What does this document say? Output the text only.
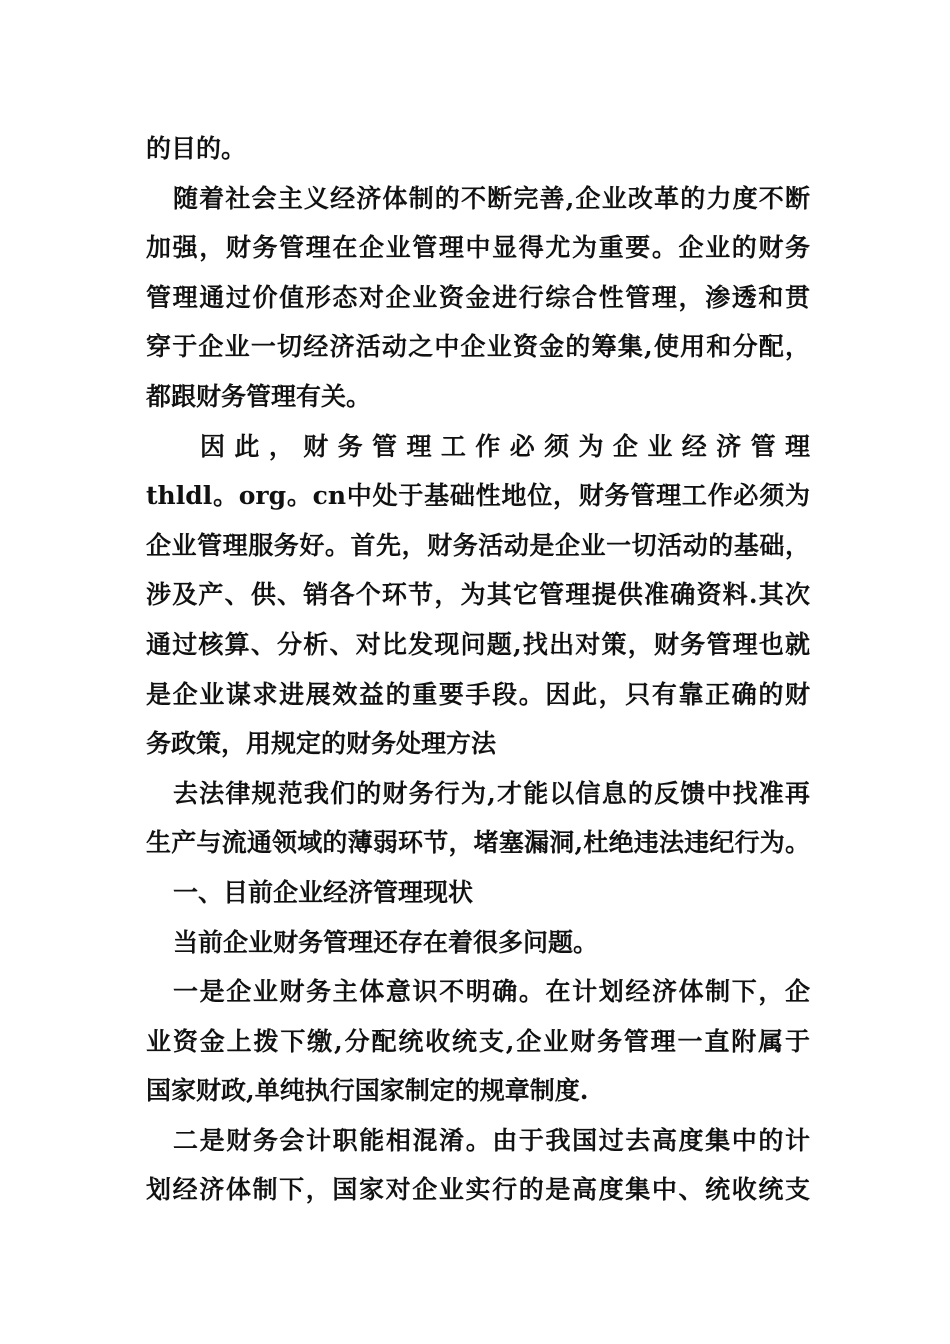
的目的。
随着社会主义经济体制的不断完善,企业改革的力度不断
加强，财务管理在企业管理中显得尤为重要。企业的财务
管理通过价值形态对企业资金进行综合性管理，渗透和贯
穿于企业一切经济活动之中企业资金的筹集,使用和分配，
都跟财务管理有关。
因 此 ， 财 务 管 理 工 作 必 须 为 企 业 经 济 管 理
thldl。org。cn中处于基础性地位，财务管理工作必须为
企业管理服务好。首先，财务活动是企业一切活动的基础，
涉及产、供、销各个环节，为其它管理提供准确资料.其次
通过核算、分析、对比发现问题,找出对策，财务管理也就
是企业谋求进展效益的重要手段。因此，只有靠正确的财
务政策，用规定的财务处理方法
去法律规范我们的财务行为,才能以信息的反馈中找准再
生产与流通领域的薄弱环节，堵塞漏洞,杜绝违法违纪行为。
一、目前企业经济管理现状
当前企业财务管理还存在着很多问题。
一是企业财务主体意识不明确。在计划经济体制下，企
业资金上拨下缴,分配统收统支,企业财务管理一直附属于
国家财政,单纯执行国家制定的规章制度.
二是财务会计职能相混淆。由于我国过去高度集中的计
划经济体制下，国家对企业实行的是高度集中、统收统支
